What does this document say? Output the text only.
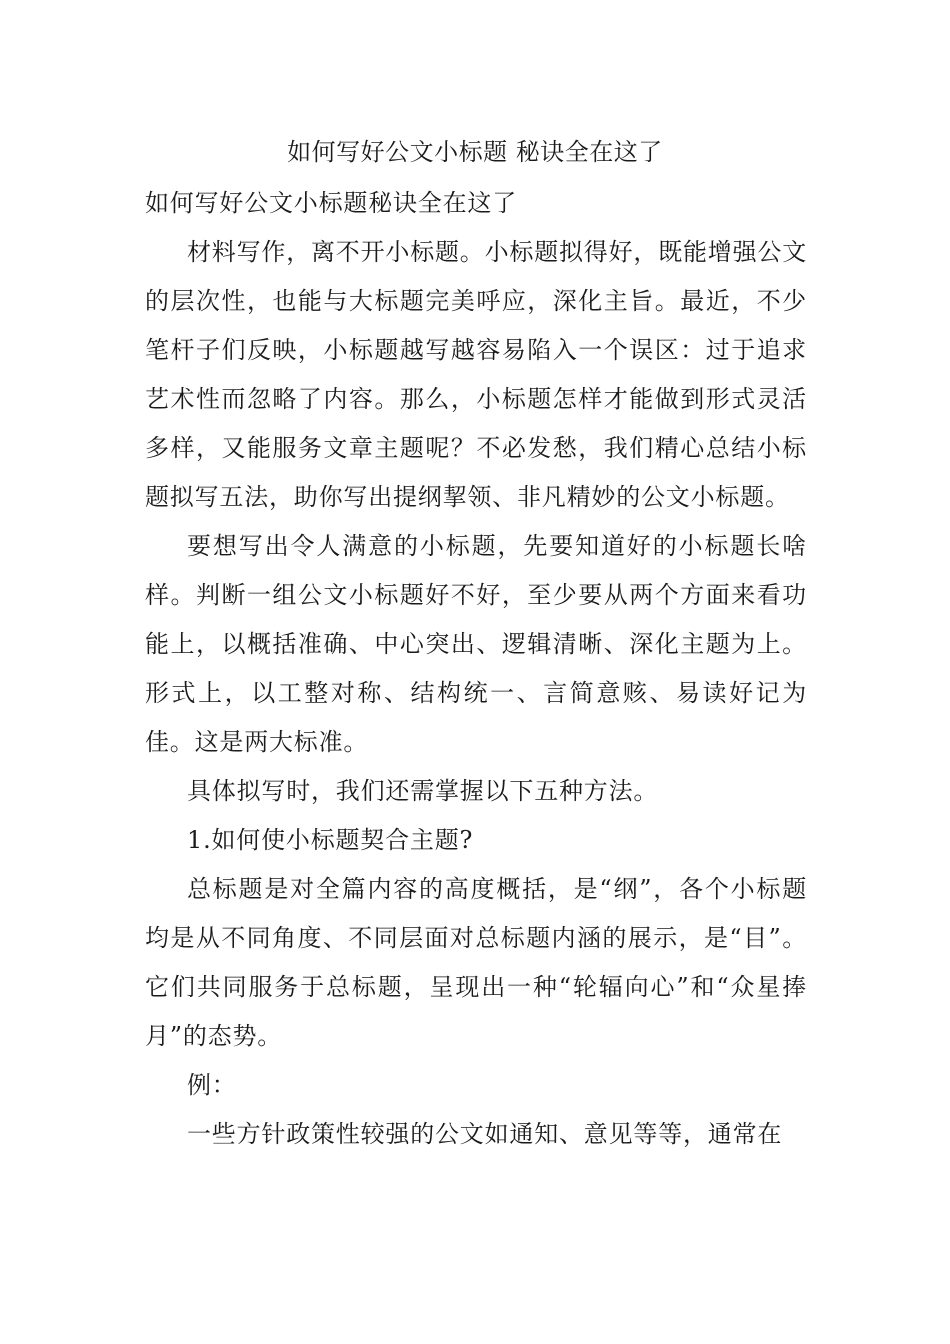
如何写好公文小标题 秘诀全在这了

如何写好公文小标题秘诀全在这了

材料写作，离不开小标题。小标题拟得好，既能增强公文的层次性，也能与大标题完美呼应，深化主旨。最近，不少笔杆子们反映，小标题越写越容易陷入一个误区：过于追求艺术性而忽略了内容。那么，小标题怎样才能做到形式灵活多样，又能服务文章主题呢？不必发愁，我们精心总结小标题拟写五法，助你写出提纲挈领、非凡精妙的公文小标题。

要想写出令人满意的小标题，先要知道好的小标题长啥样。判断一组公文小标题好不好，至少要从两个方面来看功能上，以概括准确、中心突出、逻辑清晰、深化主题为上。形式上，以工整对称、结构统一、言简意赅、易读好记为佳。这是两大标准。

具体拟写时，我们还需掌握以下五种方法。

1.如何使小标题契合主题?

总标题是对全篇内容的高度概括，是“纲”，各个小标题均是从不同角度、不同层面对总标题内涵的展示，是“目”。它们共同服务于总标题，呈现出一种“轮辐向心”和“众星捧月”的态势。

例：

一些方针政策性较强的公文如通知、意见等等，通常在
